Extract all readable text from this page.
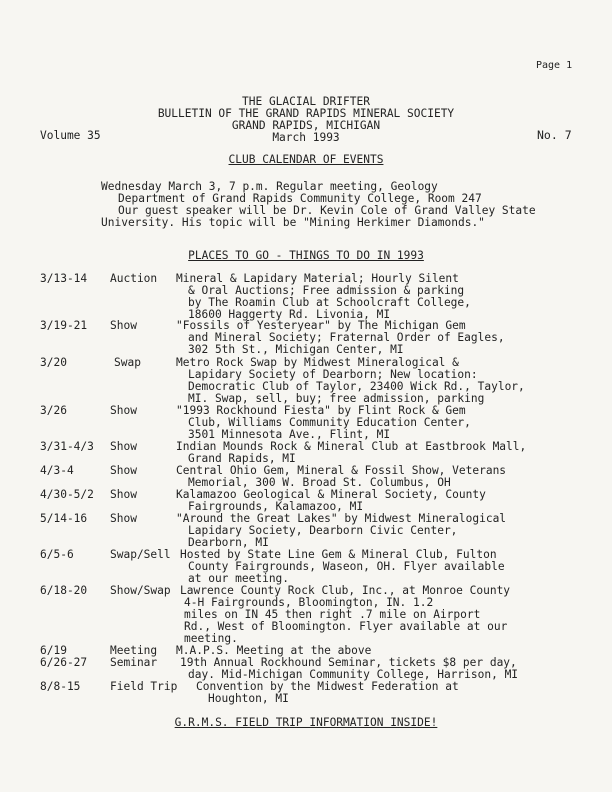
Page 1
THE GLACIAL DRIFTER
BULLETIN OF THE GRAND RAPIDS MINERAL SOCIETY
GRAND RAPIDS, MICHIGAN
Volume 35	March 1993	No. 7
CLUB CALENDAR OF EVENTS
Wednesday March 3, 7 p.m. Regular meeting, Geology
Department of Grand Rapids Community College, Room 247
Our guest speaker will be Dr. Kevin Cole of Grand Valley State
University. His topic will be "Mining Herkimer Diamonds."
PLACES TO GO - THINGS TO DO IN 1993
3/13-14 Auction Mineral & Lapidary Material; Hourly Silent
& Oral Auctions; Free admission & parking
by The Roamin Club at Schoolcraft College,
18600 Haggerty Rd. Livonia, MI
3/19-21 Show	"Fossils of Yesteryear" by The Michigan Gem
and Mineral Society; Fraternal Order of Eagles,
302 5th St., Michigan Center, MI
3/20	Swap	Metro Rock Swap by Midwest Mineralogical &
Lapidary Society of Dearborn; New location:
Democratic Club of Taylor, 23400 Wick Rd., Taylor,
MI. Swap, sell, buy; free admission, parking
3/26	Show	"1993 Rockhound Fiesta" by Flint Rock & Gem
Club, Williams Community Education Center,
3501 Minnesota Ave., Flint, MI
3/31-4/3 Show	Indian Mounds Rock & Mineral Club at Eastbrook Mall,
Grand Rapids, MI
4/3-4	Show	Central Ohio Gem, Mineral & Fossil Show, Veterans
Memorial, 300 W. Broad St. Columbus, OH
4/30-5/2 Show	Kalamazoo Geological & Mineral Society, County
Fairgrounds, Kalamazoo, MI
5/14-16 Show	"Around the Great Lakes" by Midwest Mineralogical
Lapidary Society, Dearborn Civic Center,
Dearborn, MI
6/5-6	Swap/Sell Hosted by State Line Gem & Mineral Club, Fulton
County Fairgrounds, Waseon, OH. Flyer available
at our meeting.
6/18-20 Show/Swap Lawrence County Rock Club, Inc., at Monroe County
4-H Fairgrounds, Bloomington, IN. 1.2
miles on IN 45 then right .7 mile on Airport
Rd., West of Bloomington. Flyer available at our
meeting.
6/19	Meeting M.A.P.S. Meeting at the above
6/26-27 Seminar 19th Annual Rockhound Seminar, tickets $8 per day,
day. Mid-Michigan Community College, Harrison, MI
8/8-15	Field Trip Convention by the Midwest Federation at
Houghton, MI
G.R.M.S. FIELD TRIP INFORMATION INSIDE!
